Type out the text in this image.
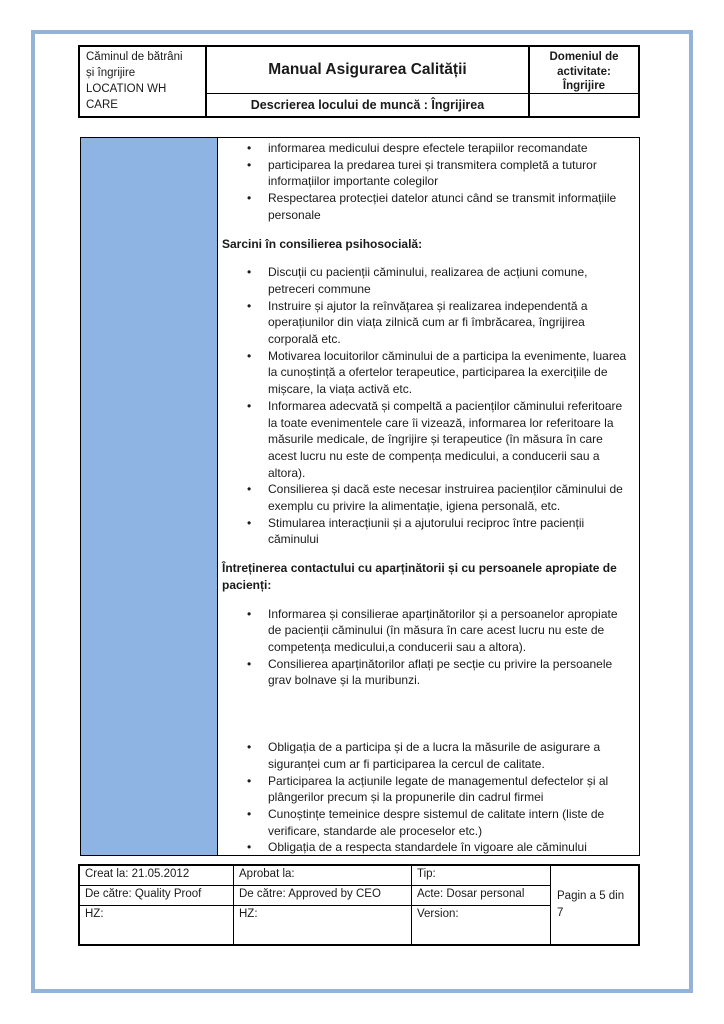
Căminul de bătrâni
și îngrijire
LOCATION WH CARE
Manual Asigurarea Calității
Domeniul de
activitate:
Îngrijire
Descrierea locului de muncă : Îngrijirea
• informarea medicului despre efectele terapiilor recomandate
• participarea la predarea turei și transmitera completă a tuturor informațiilor importante colegilor
• Respectarea protecției datelor atunci când se transmit informațiile personale
Sarcini în consilierea psihosocială:
• Discuții cu pacienții căminului, realizarea de acțiuni comune, petreceri commune
• Instruire și ajutor la reînvățarea și realizarea independentă a operațiunilor din viața zilnică cum ar fi îmbrăcarea, îngrijirea corporală etc.
• Motivarea locuitorilor căminului de a participa la evenimente, luarea la cunoștință a ofertelor terapeutice, participarea la exercițiile de mișcare, la viața activă etc.
• Informarea adecvată și compeltă a pacienților căminului referitoare la toate evenimentele care îi vizează, informarea lor referitoare la măsurile medicale, de îngrijire și terapeutice (în măsura în care acest lucru nu este de compența medicului, a conducerii sau a altora).
• Consilierea și dacă este necesar instruirea pacienților căminului de exemplu cu privire la alimentație, igiena personală, etc.
• Stimularea interacțiunii și a ajutorului reciproc între pacienții căminului
Întreținerea contactului cu aparținătorii și cu persoanele apropiate de pacienți:
• Informarea și consilierae aparținătorilor și a persoanelor apropiate de pacienții căminului (în măsura în care acest lucru nu este de competența medicului,a conducerii sau a altora).
• Consilierea aparținătorilor aflați pe secție cu privire la persoanele grav bolnave și la muribunzi.
• Obligația de a participa și de a lucra la măsurile de asigurare a siguranței cum ar fi participarea la cercul de calitate.
• Participarea la acțiunile legate de managementul defectelor și al plângerilor precum și la propunerile din cadrul firmei
• Cunoștințe temeinice despre sistemul de calitate intern (liste de verificare, standarde ale proceselor etc.)
• Obligația de a respecta standardele în vigoare ale căminului
Creat la: 21.05.2012	Aprobat la:	Tip:
Pagin a 5 din 7
De către: Quality Proof	De către: Approved by CEO	Acte: Dosar personal
HZ:	HZ:	Version:
